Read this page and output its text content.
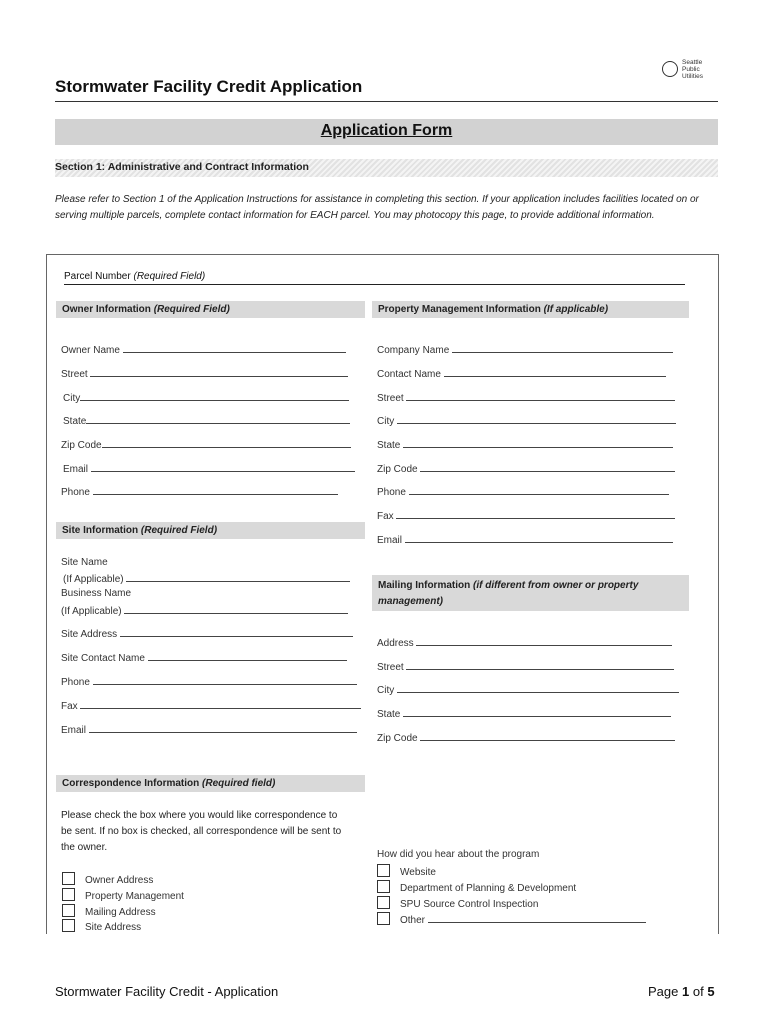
Stormwater Facility Credit Application
Seattle
Public
Utilities
Application Form
Section 1: Administrative and Contract Information
Please refer to Section 1 of the Application Instructions for assistance in completing this section. If your application includes facilities located on or serving multiple parcels, complete contact information for EACH parcel. You may photocopy this page, to provide additional information.
Parcel Number (Required Field)
Owner Information (Required Field)
Owner Name
Street
City
State
Zip Code
Email
Phone
Property Management Information (If applicable)
Company Name
Contact Name
Street
City
State
Zip Code
Phone
Fax
Email
Site Information (Required Field)
Site Name
(If Applicable)
Business Name
(If Applicable)
Site Address
Site Contact Name
Phone
Fax
Email
Mailing Information (if different from owner or property management)
Address
Street
City
State
Zip Code
Correspondence Information (Required field)
Please check the box where you would like correspondence to be sent. If no box is checked, all correspondence will be sent to the owner.
Owner Address
Property Management
Mailing Address
Site Address
How did you hear about the program
Website
Department of Planning & Development
SPU Source Control Inspection
Other
Stormwater Facility Credit - Application	Page 1 of 5
